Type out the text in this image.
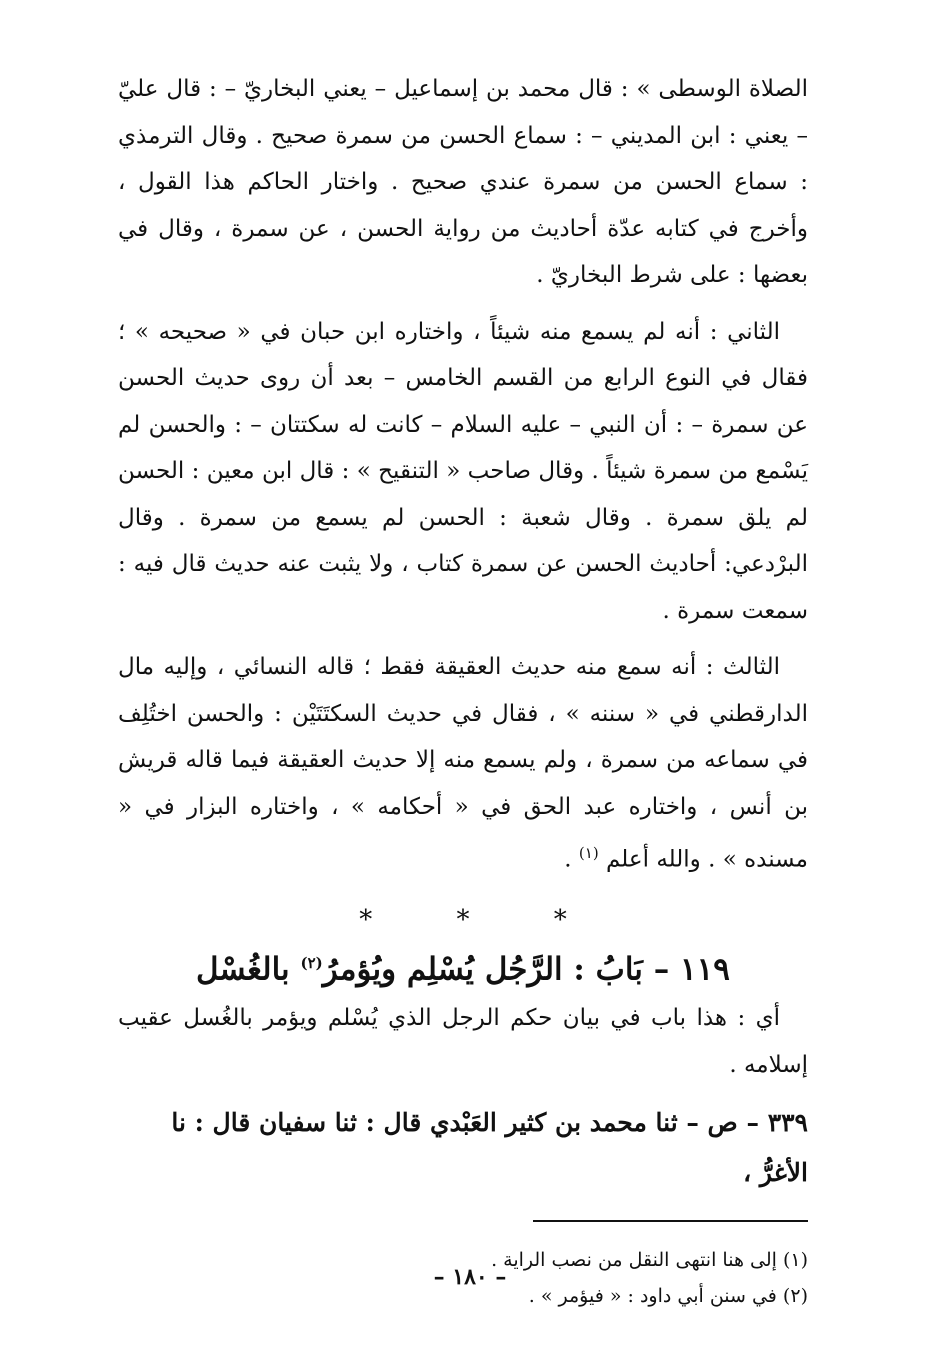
الصلاة الوسطى » : قال محمد بن إسماعيل – يعني البخاريّ – : قال عليّ – يعني : ابن المديني – : سماع الحسن من سمرة صحيح . وقال الترمذي : سماع الحسن من سمرة عندي صحيح . واختار الحاكم هذا القول ، وأخرج في كتابه عدّة أحاديث من رواية الحسن ، عن سمرة ، وقال في بعضها : على شرط البخاريّ .

الثاني : أنه لم يسمع منه شيئاً ، واختاره ابن حبان في « صحيحه » ؛ فقال في النوع الرابع من القسم الخامس – بعد أن روى حديث الحسن عن سمرة – : أن النبي – عليه السلام – كانت له سكتتان – : والحسن لم يَسْمع من سمرة شيئاً . وقال صاحب « التنقيح » : قال ابن معين : الحسن لم يلق سمرة . وقال شعبة : الحسن لم يسمع من سمرة . وقال البرْدعي: أحاديث الحسن عن سمرة كتاب ، ولا يثبت عنه حديث قال فيه : سمعت سمرة .

الثالث : أنه سمع منه حديث العقيقة فقط ؛ قاله النسائي ، وإليه مال الدارقطني في « سننه » ، فقال في حديث السكتَتَيْن : والحسن اختُلِف في سماعه من سمرة ، ولم يسمع منه إلا حديث العقيقة فيما قاله قريش بن أنس ، واختاره عبد الحق في « أحكامه » ، واختاره البزار في « مسنده » . والله أعلم $^{(١)}$ .

* * *
١١٩ – بَابُ : الرَّجُل يُسْلِم ويُؤمرُ$^{(٢)}$ بالغُسْل

أي : هذا باب في بيان حكم الرجل الذي يُسْلم ويؤمر بالغُسل عقيب إسلامه .

٣٣٩ – ص – ثنا محمد بن كثير العَبْدي قال : ثنا سفيان قال : نا الأغرُّ ،

(١) إلى هنا انتهى النقل من نصب الراية .

(٢) في سنن أبي داود : « فيؤمر » .

– ١٨٠ –
